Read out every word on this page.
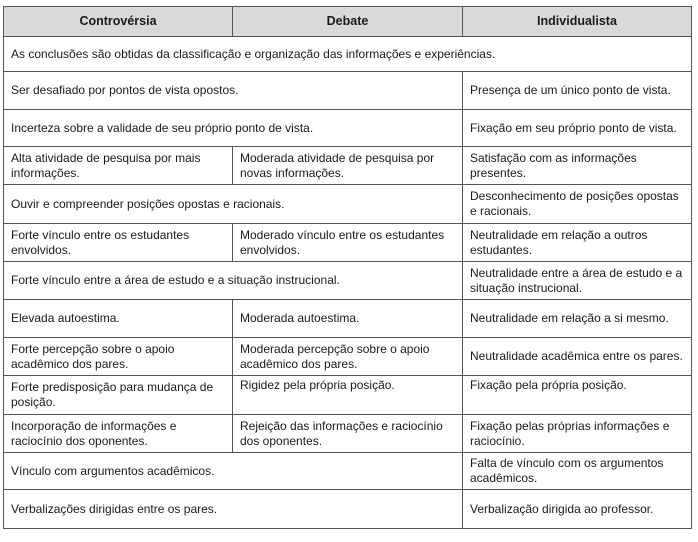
Controvérsia	Debate	Individualista
As conclusões são obtidas da classificação e organização das informações e experiências.		
Ser desafiado por pontos de vista opostos.		Presença de um único ponto de vista.
Incerteza sobre a validade de seu próprio ponto de vista.		Fixação em seu próprio ponto de vista.
Alta atividade de pesquisa por mais informações.	Moderada atividade de pesquisa por novas informações.	Satisfação com as informações presentes.
Ouvir e compreender posições opostas e racionais.		Desconhecimento de posições opostas e racionais.
Forte vínculo entre os estudantes envolvidos.	Moderado vínculo entre os estudantes envolvidos.	Neutralidade em relação a outros estudantes.
Forte vínculo entre a área de estudo e a situação instrucional.		Neutralidade entre a área de estudo e a situação instrucional.
Elevada autoestima.	Moderada autoestima.	Neutralidade em relação a si mesmo.
Forte percepção sobre o apoio acadêmico dos pares.	Moderada percepção sobre o apoio acadêmico dos pares.	Neutralidade acadêmica entre os pares.
Forte predisposição para mudança de posição.	Rigidez pela própria posição.	Fixação pela própria posição.
Incorporação de informações e raciocínio dos oponentes.	Rejeição das informações e raciocínio dos oponentes.	Fixação pelas próprias informações e raciocínio.
Vínculo com argumentos acadêmicos.		Falta de vínculo com os argumentos acadêmicos.
Verbalizações dirigidas entre os pares.		Verbalização dirigida ao professor.
